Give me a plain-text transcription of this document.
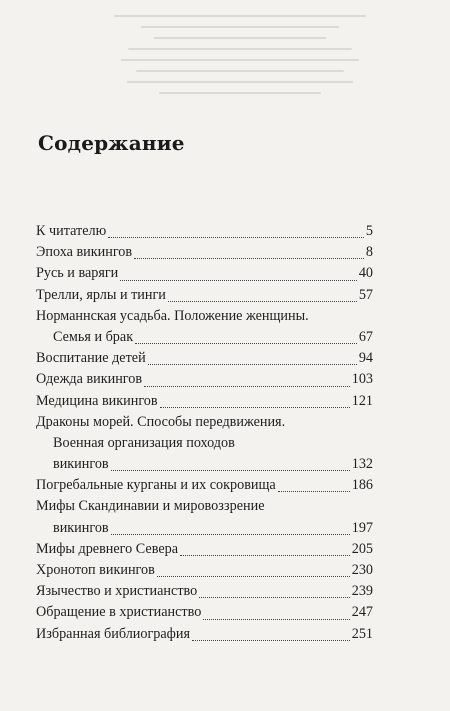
Содержание
К читателю	5
Эпоха викингов	8
Русь и варяги	40
Трелли, ярлы и тинги	57
Норманнская усадьба. Положение женщины.
Семья и брак	67
Воспитание детей	94
Одежда викингов	103
Медицина викингов	121
Драконы морей. Способы передвижения.
Военная организация походов
викингов	132
Погребальные курганы и их сокровища	186
Мифы Скандинавии и мировоззрение
викингов	197
Мифы древнего Севера	205
Хронотоп викингов	230
Язычество и христианство	239
Обращение в христианство	247
Избранная библиография	251
